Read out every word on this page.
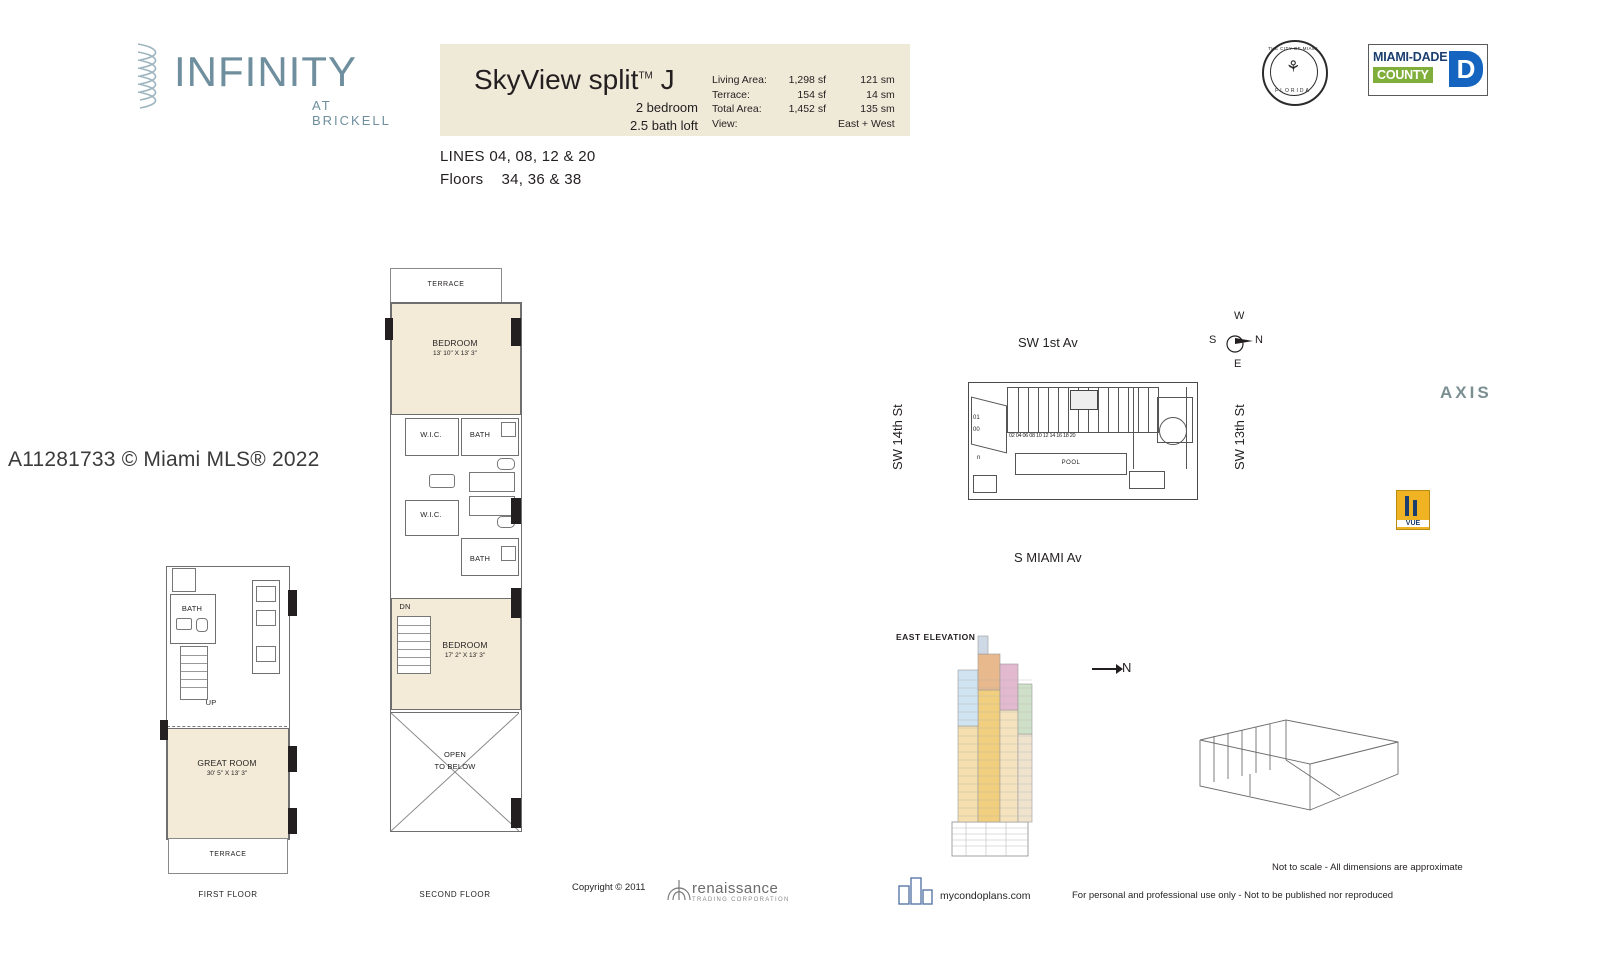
INFINITY
AT BRICKELL
SkyView split™ J
2 bedroom
2.5 bath loft
Living Area:	1,298 sf	121 sm
Terrace:	154 sf	14 sm
Total Area:	1,452 sf	135 sm
View:		East + West
LINES 04, 08, 12 & 20
Floors 34, 36 & 38
THE CITY OF MIAMI
⚘
FLORIDA
MIAMI-DADE
COUNTY D
A11281733 © Miami MLS® 2022
BATH
UP
GREAT ROOM
30' 5" X 13' 3"
TERRACE
FIRST FLOOR
TERRACE
BEDROOM
13' 10" X 13' 3"
W.I.C.	BATH
W.I.C.
BATH
BEDROOM
17' 2" X 13' 3"
DN
OPEN
TO BELOW
SECOND FLOOR
SW 1st Av
SW 14th St	SW 13th St
S MIAMI Av
02 04 06 08 10 12 14 16 18 20
01
00
POOL
n
W
E
S	N
AXIS
VUE
EAST ELEVATION
N
Copyright © 2011	renaissance
TRADING CORPORATION	mycondoplans.com
Not to scale - All dimensions are approximate
For personal and professional use only - Not to be published nor reproduced
